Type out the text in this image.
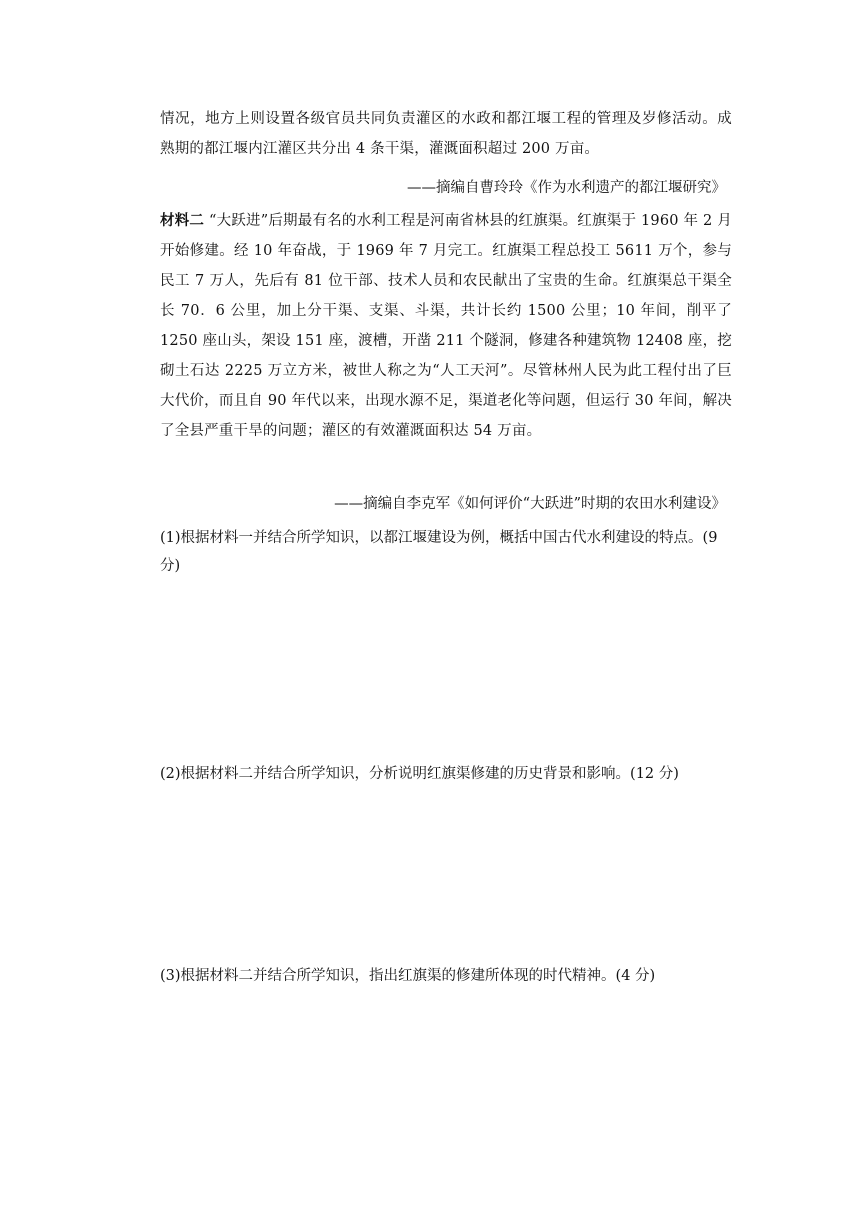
情况，地方上则设置各级官员共同负责灌区的水政和都江堰工程的管理及岁修活动。成熟期的都江堰内江灌区共分出 4 条干渠，灌溉面积超过 200 万亩。

——摘编自曹玲玲《作为水利遗产的都江堰研究》

材料二 “大跃进”后期最有名的水利工程是河南省林县的红旗渠。红旗渠于 1960 年 2 月开始修建。经 10 年奋战，于 1969 年 7 月完工。红旗渠工程总投工 5611 万个，参与民工 7 万人，先后有 81 位干部、技术人员和农民献出了宝贵的生命。红旗渠总干渠全长 70．6 公里，加上分干渠、支渠、斗渠，共计长约 1500 公里；10 年间，削平了 1250 座山头，架设 151 座，渡槽，开凿 211 个隧洞，修建各种建筑物 12408 座，挖砌土石达 2225 万立方米，被世人称之为“人工天河”。尽管林州人民为此工程付出了巨大代价，而且自 90 年代以来，出现水源不足，渠道老化等问题，但运行 30 年间，解决了全县严重干旱的问题；灌区的有效灌溉面积达 54 万亩。

——摘编自李克军《如何评价“大跃进”时期的农田水利建设》
(1)根据材料一并结合所学知识，以都江堰建设为例，概括中国古代水利建设的特点。(9 分)
(2)根据材料二并结合所学知识，分析说明红旗渠修建的历史背景和影响。(12 分)
(3)根据材料二并结合所学知识，指出红旗渠的修建所体现的时代精神。(4 分)
